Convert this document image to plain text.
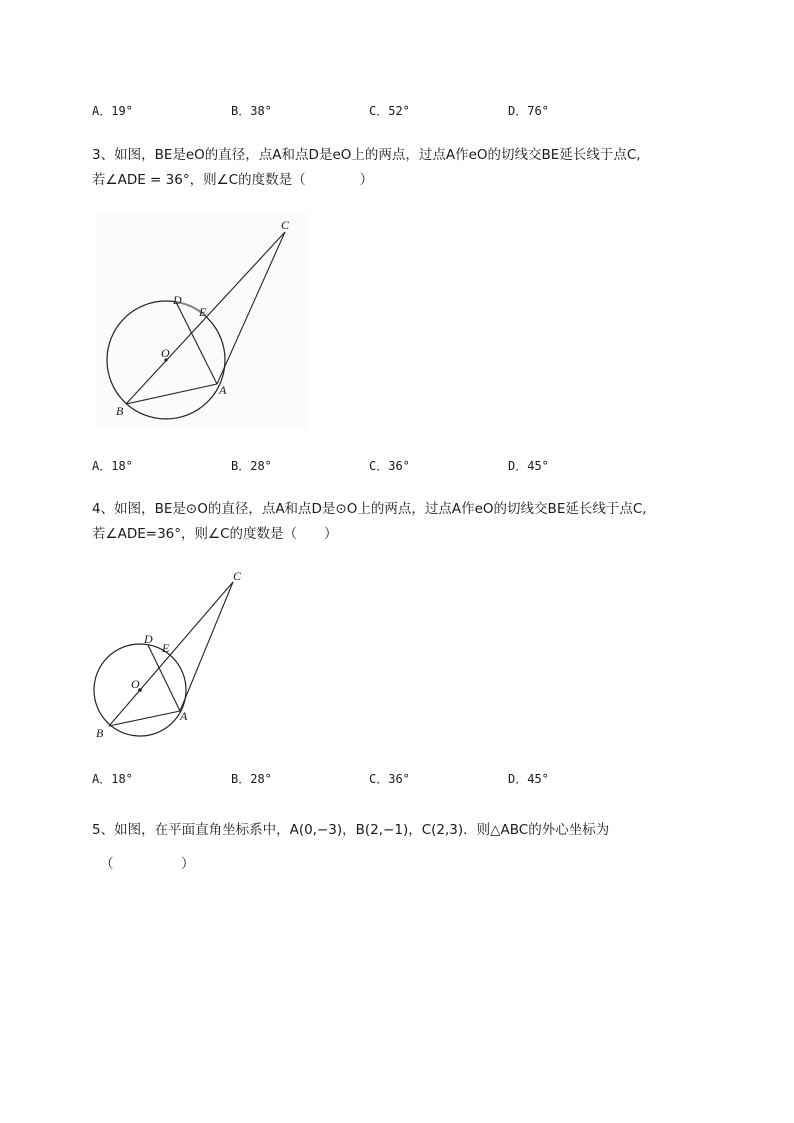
A．19°	B．38°	C．52°	D．76°
3、如图，BE是eO的直径，点A和点D是eO上的两点，过点A作eO的切线交BE延长线于点C,
若∠ADE = 36°，则∠C的度数是（　　　　）
C
D
E
O
A
B
A．18°	B．28°	C．36°	D．45°
4、如图，BE是⊙O的直径，点A和点D是⊙O上的两点，过点A作eO的切线交BE延长线于点C,
若∠ADE=36°，则∠C的度数是（　　）
C
D
E
O
A
B
A．18°	B．28°	C．36°	D．45°
5、如图，在平面直角坐标系中，A(0,−3)，B(2,−1)，C(2,3)．则△ABC的外心坐标为
（　　　　　）
